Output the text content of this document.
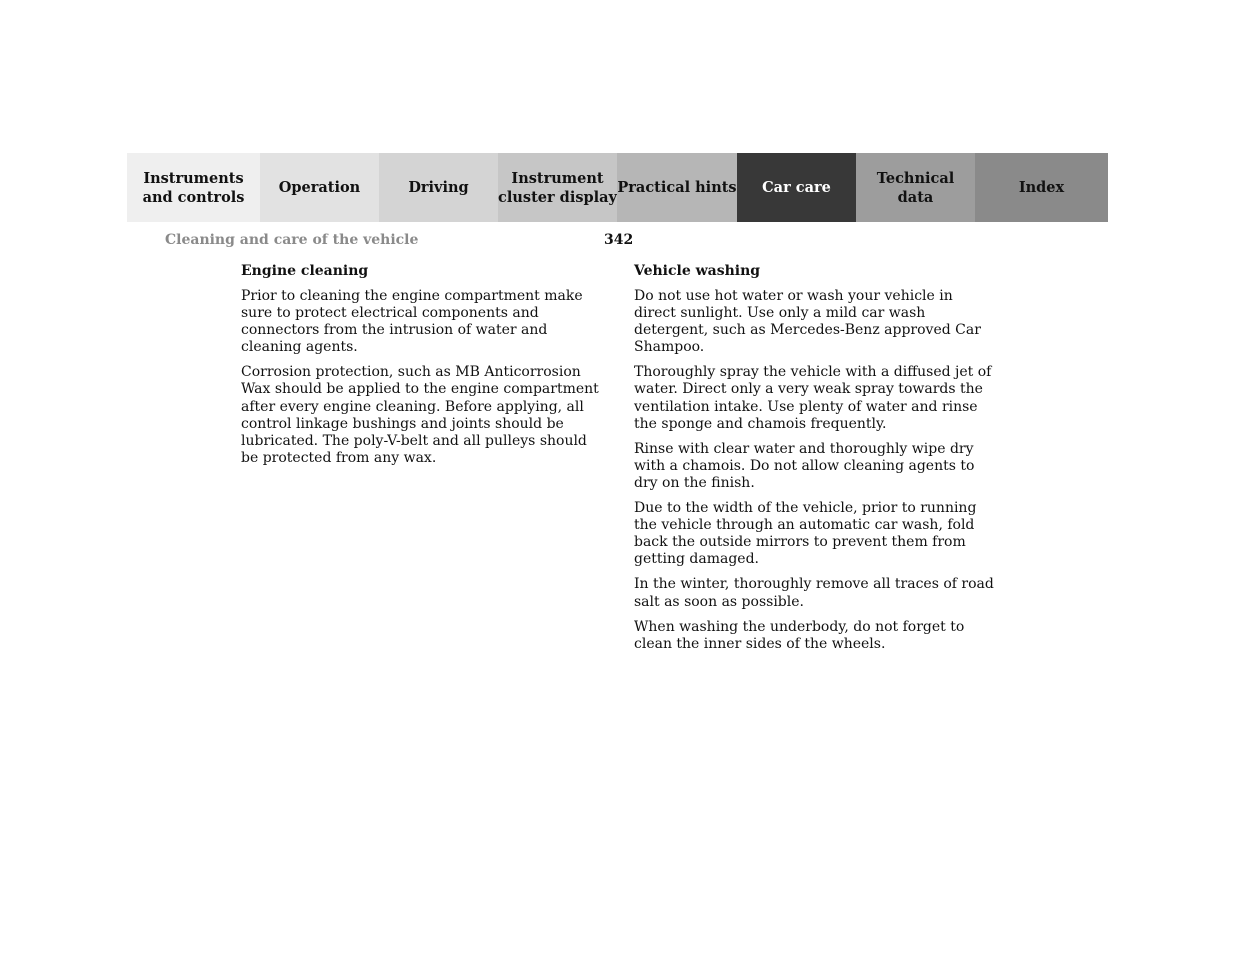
Instruments
and controls
Operation	Driving
Instrument
cluster display
Practical hints	Car care
Technical
data
Index
Cleaning and care of the vehicle	342
Engine cleaning

Prior to cleaning the engine compartment make sure to protect electrical components and connectors from the intrusion of water and cleaning agents.

Corrosion protection, such as MB Anticorrosion Wax should be applied to the engine compartment after every engine cleaning. Before applying, all control linkage bushings and joints should be lubricated. The poly-V-belt and all pulleys should be protected from any wax.

Vehicle washing

Do not use hot water or wash your vehicle in direct sunlight. Use only a mild car wash detergent, such as Mercedes-Benz approved Car Shampoo.

Thoroughly spray the vehicle with a diffused jet of water. Direct only a very weak spray towards the ventilation intake. Use plenty of water and rinse the sponge and chamois frequently.

Rinse with clear water and thoroughly wipe dry with a chamois. Do not allow cleaning agents to dry on the finish.

Due to the width of the vehicle, prior to running the vehicle through an automatic car wash, fold back the outside mirrors to prevent them from getting damaged.

In the winter, thoroughly remove all traces of road salt as soon as possible.

When washing the underbody, do not forget to clean the inner sides of the wheels.
